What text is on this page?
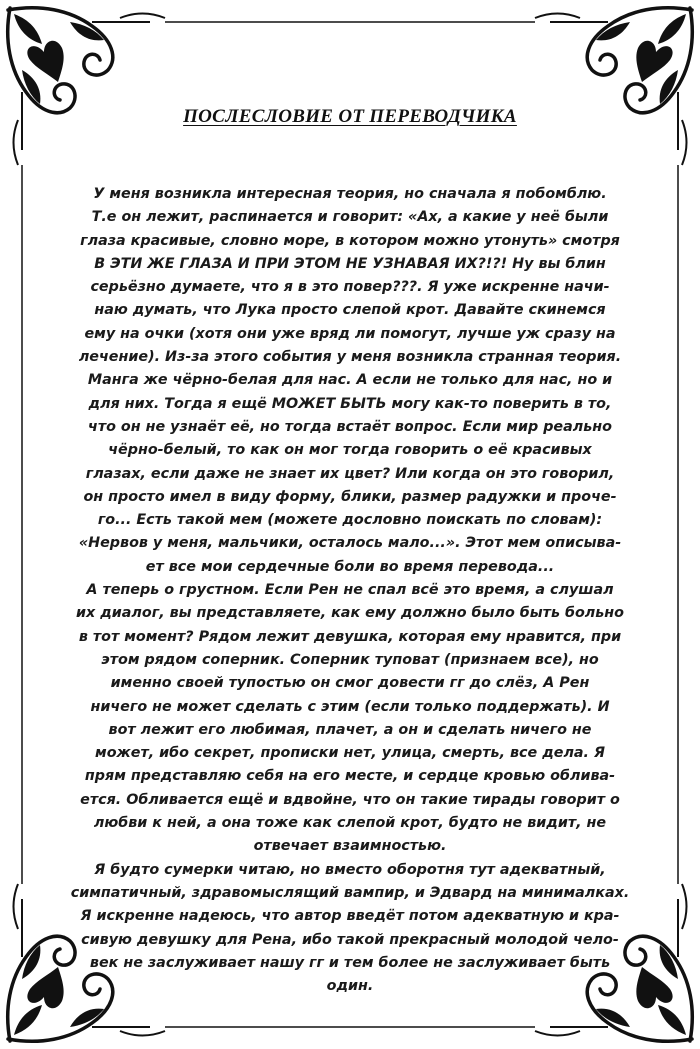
ПОСЛЕСЛОВИЕ ОТ ПЕРЕВОДЧИКА
У меня возникла интересная теория, но сначала я побомблю.
Т.е он лежит, распинается и говорит: «Ах, а какие у неё были
глаза красивые, словно море, в котором можно утонуть» смотря
В ЭТИ ЖЕ ГЛАЗА И ПРИ ЭТОМ НЕ УЗНАВАЯ ИХ?!?! Ну вы блин
серьёзно думаете, что я в это повер???. Я уже искренне начи-
наю думать, что Лука просто слепой крот. Давайте скинемся
ему на очки (хотя они уже вряд ли помогут, лучше уж сразу на
лечение). Из-за этого события у меня возникла странная теория.
Манга же чёрно-белая для нас. А если не только для нас, но и
для них. Тогда я ещё МОЖЕТ БЫТЬ могу как-то поверить в то,
что он не узнаёт её, но тогда встаёт вопрос. Если мир реально
чёрно-белый, то как он мог тогда говорить о её красивых
глазах, если даже не знает их цвет? Или когда он это говорил,
он просто имел в виду форму, блики, размер радужки и проче-
го... Есть такой мем (можете дословно поискать по словам):
«Нервов у меня, мальчики, осталось мало...». Этот мем описыва-
ет все мои сердечные боли во время перевода...
А теперь о грустном. Если Рен не спал всё это время, а слушал
их диалог, вы представляете, как ему должно было быть больно
в тот момент? Рядом лежит девушка, которая ему нравится, при
этом рядом соперник. Соперник туповат (признаем все), но
именно своей тупостью он смог довести гг до слёз, А Рен
ничего не может сделать с этим (если только поддержать). И
вот лежит его любимая, плачет, а он и сделать ничего не
может, ибо секрет, прописки нет, улица, смерть, все дела. Я
прям представляю себя на его месте, и сердце кровью облива-
ется. Обливается ещё и вдвойне, что он такие тирады говорит о
любви к ней, а она тоже как слепой крот, будто не видит, не
отвечает взаимностью.
Я будто сумерки читаю, но вместо оборотня тут адекватный,
симпатичный, здравомыслящий вампир, и Эдвард на минималках.
Я искренне надеюсь, что автор введёт потом адекватную и кра-
сивую девушку для Рена, ибо такой прекрасный молодой чело-
век не заслуживает нашу гг и тем более не заслуживает быть
один.
